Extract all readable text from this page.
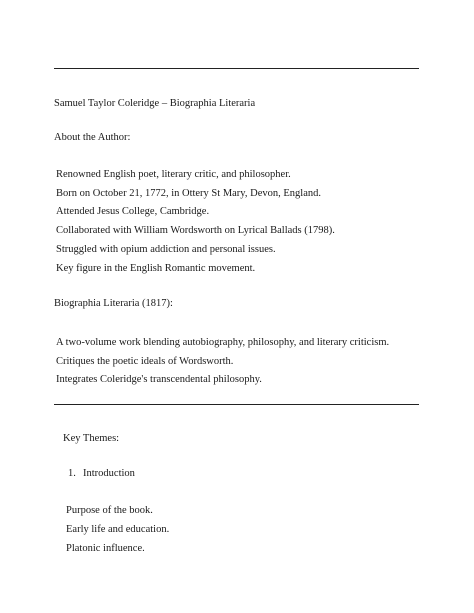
Samuel Taylor Coleridge – Biographia Literaria
About the Author:
Renowned English poet, literary critic, and philosopher.
Born on October 21, 1772, in Ottery St Mary, Devon, England.
Attended Jesus College, Cambridge.
Collaborated with William Wordsworth on Lyrical Ballads (1798).
Struggled with opium addiction and personal issues.
Key figure in the English Romantic movement.
Biographia Literaria (1817):
A two-volume work blending autobiography, philosophy, and literary criticism.
Critiques the poetic ideals of Wordsworth.
Integrates Coleridge's transcendental philosophy.
Key Themes:
1. Introduction
Purpose of the book.
Early life and education.
Platonic influence.
